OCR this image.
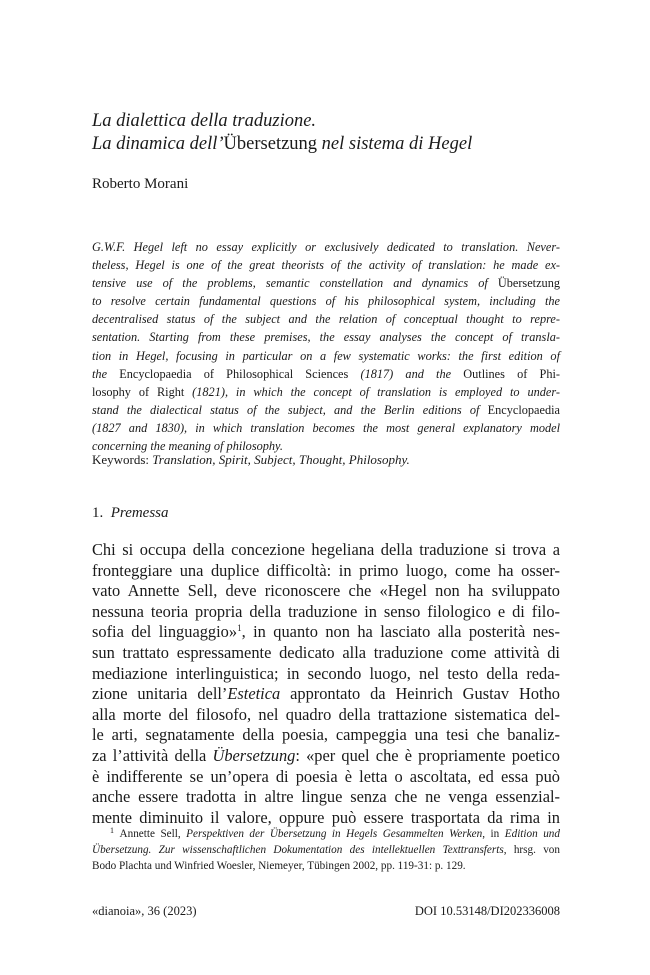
La dialettica della traduzione.
La dinamica dell’Übersetzung nel sistema di Hegel
Roberto Morani
G.W.F. Hegel left no essay explicitly or exclusively dedicated to translation. Never-
theless, Hegel is one of the great theorists of the activity of translation: he made ex-
tensive use of the problems, semantic constellation and dynamics of Übersetzung
to resolve certain fundamental questions of his philosophical system, including the
decentralised status of the subject and the relation of conceptual thought to repre-
sentation. Starting from these premises, the essay analyses the concept of transla-
tion in Hegel, focusing in particular on a few systematic works: the first edition of
the Encyclopaedia of Philosophical Sciences (1817) and the Outlines of Phi-
losophy of Right (1821), in which the concept of translation is employed to under-
stand the dialectical status of the subject, and the Berlin editions of Encyclopaedia
(1827 and 1830), in which translation becomes the most general explanatory model
concerning the meaning of philosophy.
Keywords: Translation, Spirit, Subject, Thought, Philosophy.
1. Premessa
Chi si occupa della concezione hegeliana della traduzione si trova a
fronteggiare una duplice difficoltà: in primo luogo, come ha osser-
vato Annette Sell, deve riconoscere che «Hegel non ha sviluppato
nessuna teoria propria della traduzione in senso filologico e di filo-
sofia del linguaggio»$^1$, in quanto non ha lasciato alla posterità nes-
sun trattato espressamente dedicato alla traduzione come attività di
mediazione interlinguistica; in secondo luogo, nel testo della reda-
zione unitaria dell’Estetica approntato da Heinrich Gustav Hotho
alla morte del filosofo, nel quadro della trattazione sistematica del-
le arti, segnatamente della poesia, campeggia una tesi che banaliz-
za l’attività della Übersetzung: «per quel che è propriamente poetico
è indifferente se un’opera di poesia è letta o ascoltata, ed essa può
anche essere tradotta in altre lingue senza che ne venga essenzial-
mente diminuito il valore, oppure può essere trasportata da rima in
$^1$ Annette Sell, Perspektiven der Übersetzung in Hegels Gesammelten Werken, in Edition und
Übersetzung. Zur wissenschaftlichen Dokumentation des intellektuellen Texttransferts, hrsg. von
Bodo Plachta und Winfried Woesler, Niemeyer, Tübingen 2002, pp. 119-31: p. 129.
«dianoia», 36 (2023)	DOI 10.53148/DI202336008
